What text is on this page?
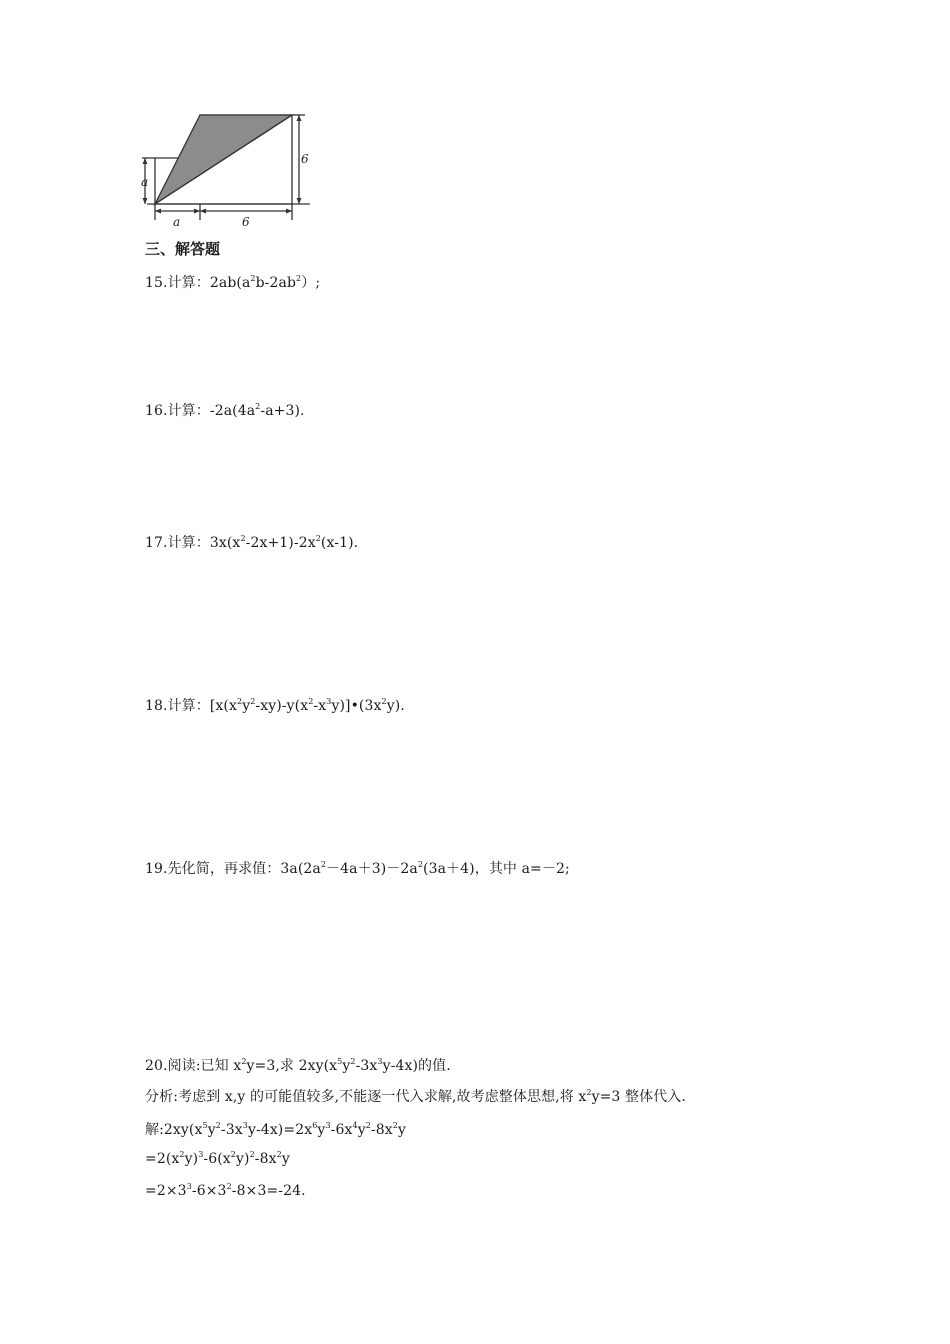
a
6
a	6
三、解答题
15.计算：$2ab(a^2b-2ab^2)$;
16.计算：$-2a(4a^2-a+3)$.
17.计算：$3x(x^2-2x+1)-2x^2(x-1)$.
18.计算：$[x(x^2y^2-xy)-y(x^2-x^3y)]•(3x^2y)$.
19.先化简，再求值：$3a(2a^2-4a+3)-2a^2(3a+4)$，其中 a=－2;
20.阅读:已知 $x^2y=3$,求 $2xy(x^5y^2-3x^3y-4x)$的值.
分析:考虑到 x,y 的可能值较多,不能逐一代入求解,故考虑整体思想,将 $x^2y=3$ 整体代入.
解$:2xy(x^5y^2-3x^3y-4x)=2x^6y^3-6x^4y^2-8x^2y$
$=2(x^2y)^3-6(x^2y)^2-8x^2y$
$=2\times 3^3-6\times 3^2-8\times 3=-24$.
